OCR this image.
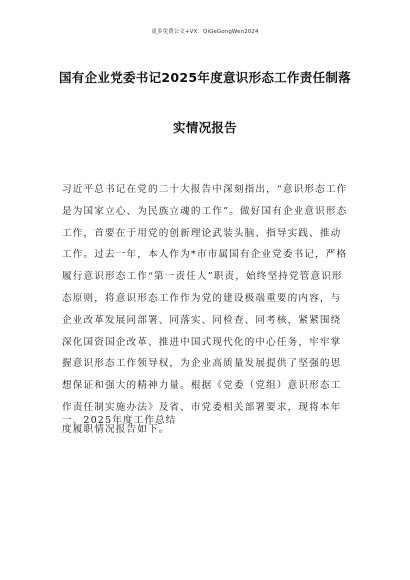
更多免费公文+VX：QiGeGongWen2024
国有企业党委书记2025年度意识形态工作责任制落
实情况报告
习近平总书记在党的二十大报告中深刻指出，“意识形态工作是为国家立心、为民族立魂的工作”。做好国有企业意识形态工作，首要在于用党的创新理论武装头脑、指导实践、推动工作。过去一年，本人作为*市市属国有企业党委书记，严格履行意识形态工作“第一责任人”职责，始终坚持党管意识形态原则，将意识形态工作作为党的建设极端重要的内容，与企业改革发展同部署、同落实、同检查、同考核，紧紧围绕深化国资国企改革、推进中国式现代化的中心任务，牢牢掌握意识形态工作领导权，为企业高质量发展提供了坚强的思想保证和强大的精神力量。根据《党委（党组）意识形态工作责任制实施办法》及省、市党委相关部署要求，现将本年度履职情况报告如下。
一、2025年度工作总结
